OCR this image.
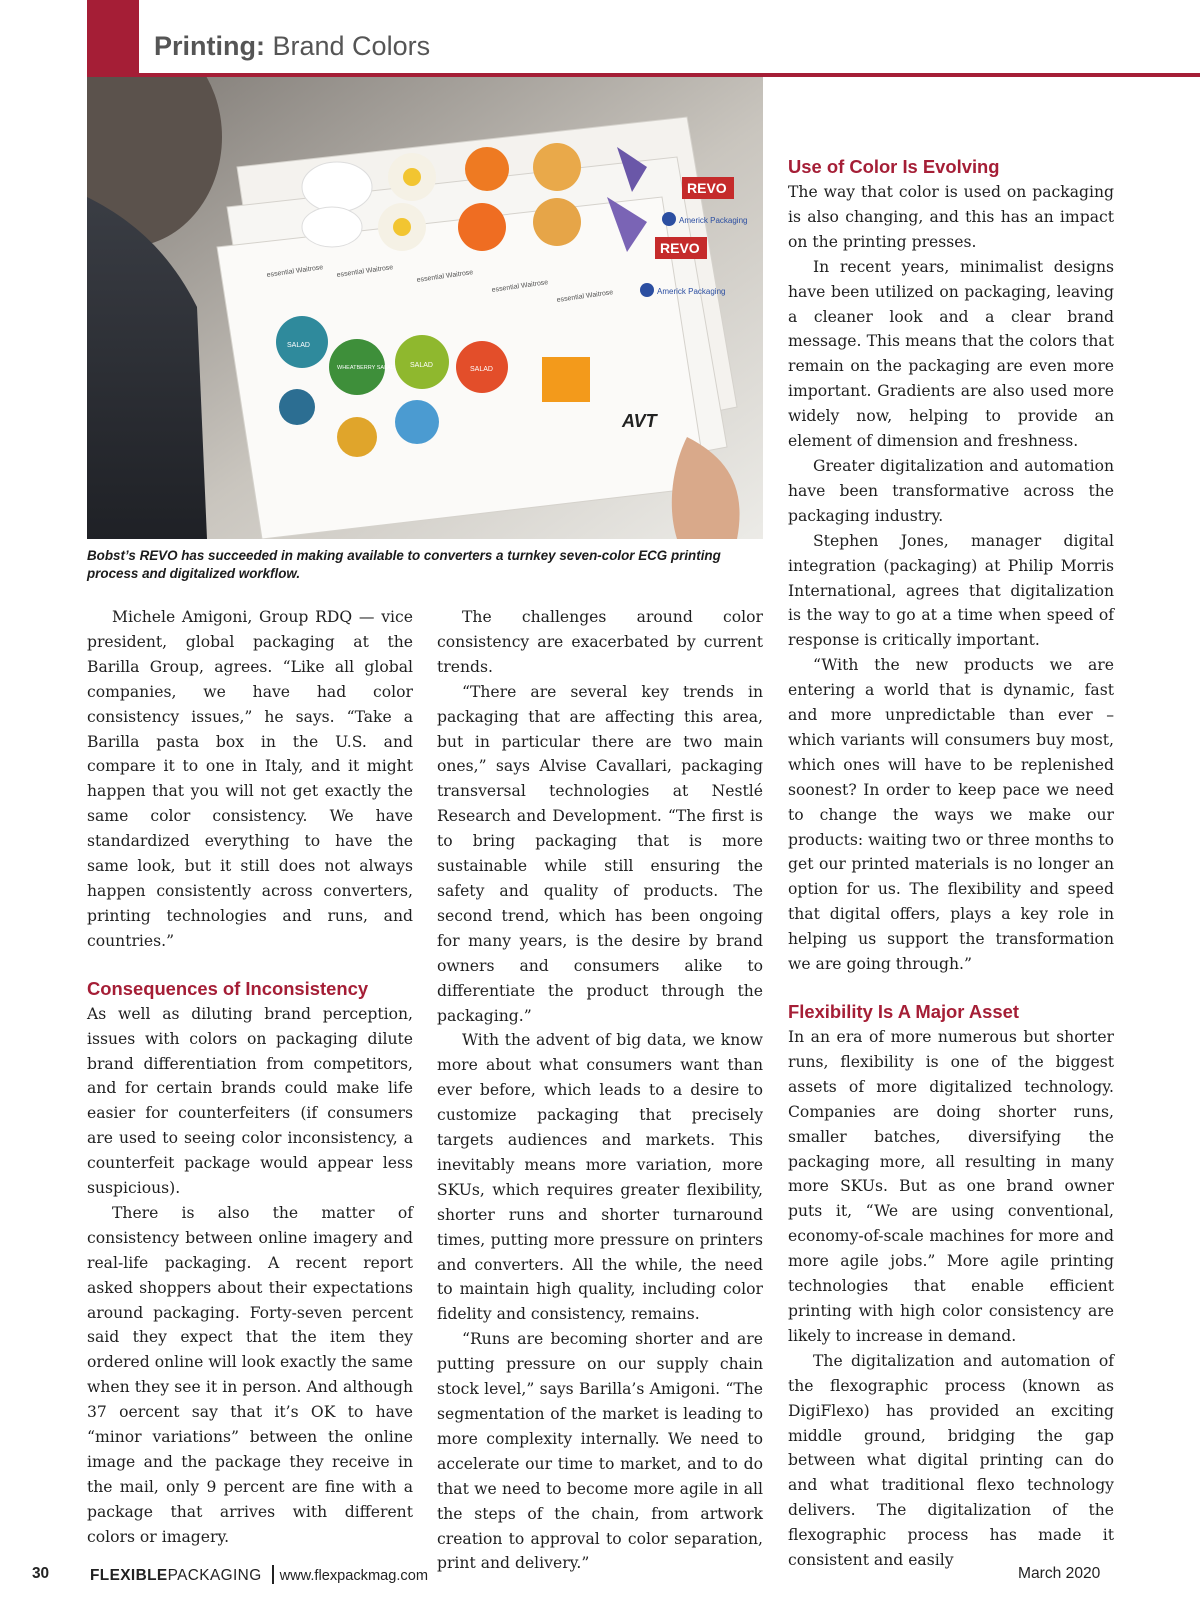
Printing: Brand Colors
REVO
REVO
Americk Packaging
Americk Packaging
AVT
essential Waitrose essential Waitrose	essential Waitrose
essential Waitrose
essential Waitrose
SALAD
WHEATBERRY SALAD SALAD
SALAD
Bobst’s REVO has succeeded in making available to converters a turnkey seven-color ECG printing process and digitalized workflow.

Michele Amigoni, Group RDQ — vice president, global packaging at the Barilla Group, agrees. “Like all global companies, we have had color consistency issues,” he says. “Take a Barilla pasta box in the U.S. and compare it to one in Italy, and it might happen that you will not get exactly the same color consistency. We have standardized everything to have the same look, but it still does not always happen consistently across converters, printing technologies and runs, and countries.”

Consequences of Inconsistency

As well as diluting brand perception, issues with colors on packaging dilute brand differentiation from competitors, and for certain brands could make life easier for counterfeiters (if consumers are used to seeing color inconsistency, a counterfeit package would appear less suspicious).

There is also the matter of consistency between online imagery and real-life packaging. A recent report asked shoppers about their expectations around packaging. Forty-seven percent said they expect that the item they ordered online will look exactly the same when they see it in person. And although 37 oercent say that it’s OK to have “minor variations” between the online image and the package they receive in the mail, only 9 percent are fine with a package that arrives with different colors or imagery.

The challenges around color consistency are exacerbated by current trends.

“There are several key trends in packaging that are affecting this area, but in particular there are two main ones,” says Alvise Cavallari, packaging transversal technologies at Nestlé Research and Development. “The first is to bring packaging that is more sustainable while still ensuring the safety and quality of products. The second trend, which has been ongoing for many years, is the desire by brand owners and consumers alike to differentiate the product through the packaging.”

With the advent of big data, we know more about what consumers want than ever before, which leads to a desire to customize packaging that precisely targets audiences and markets. This inevitably means more variation, more SKUs, which requires greater flexibility, shorter runs and shorter turnaround times, putting more pressure on printers and converters. All the while, the need to maintain high quality, including color fidelity and consistency, remains.

“Runs are becoming shorter and are putting pressure on our supply chain stock level,” says Barilla’s Amigoni. “The segmentation of the market is leading to more complexity internally. We need to accelerate our time to market, and to do that we need to become more agile in all the steps of the chain, from artwork creation to approval to color separation, print and delivery.”

Use of Color Is Evolving

The way that color is used on packaging is also changing, and this has an impact on the printing presses.

In recent years, minimalist designs have been utilized on packaging, leaving a cleaner look and a clear brand message. This means that the colors that remain on the packaging are even more important. Gradients are also used more widely now, helping to provide an element of dimension and freshness.

Greater digitalization and automation have been transformative across the packaging industry.

Stephen Jones, manager digital integration (packaging) at Philip Morris International, agrees that digitalization is the way to go at a time when speed of response is critically important.

“With the new products we are entering a world that is dynamic, fast and more unpredictable than ever – which variants will consumers buy most, which ones will have to be replenished soonest? In order to keep pace we need to change the ways we make our products: waiting two or three months to get our printed materials is no longer an option for us. The flexibility and speed that digital offers, plays a key role in helping us support the transformation we are going through.”

Flexibility Is A Major Asset

In an era of more numerous but shorter runs, flexibility is one of the biggest assets of more digitalized technology. Companies are doing shorter runs, smaller batches, diversifying the packaging more, all resulting in many more SKUs. But as one brand owner puts it, “We are using conventional, economy-of-scale machines for more and more agile jobs.” More agile printing technologies that enable efficient printing with high color consistency are likely to increase in demand.

The digitalization and automation of the flexographic process (known as DigiFlexo) has provided an exciting middle ground, bridging the gap between what digital printing can do and what traditional flexo technology delivers. The digitalization of the flexographic process has made it consistent and easily

30	FLEXIBLEPACKAGING www.flexpackmag.com	March 2020
